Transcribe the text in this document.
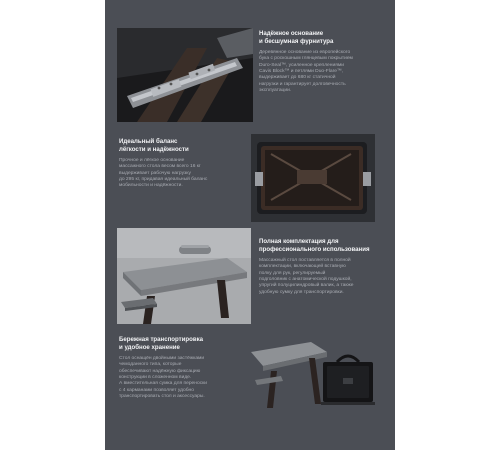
Надёжное основание
и бесшумная фурнитура

Деревянное основание из европейского
бука с роскошным глянцевым покрытием
Duro-Seal™, усиленное креплениями
Cavis Block™ и петлями Duo-Flare™,
выдерживает до 680 кг статичной
нагрузки и гарантирует долговечность
эксплуатации.

Идеальный баланс
лёгкости и надёжности

Прочное и лёгкое основание
массажного стола весом всего 16 кг
выдерживает рабочую нагрузку
до 295 кг, придавая идеальный баланс
мобильности и надёжности.

Полная комплектация для
профессионального использования

Массажный стол поставляется в полной
комплектации, включающей вставную
полку для рук, регулируемый
подголовник с анатомической подушкой,
упругий полуцилиндровый валик, а также
удобную сумку для транспортировки.

Бережная транспортировка
и удобное хранение

Стол оснащён двойными застёжками
чемоданного типа, которые
обеспечивают надёжную фиксацию
конструкции в сложенном виде.
А вместительная сумка для переноски
с 4 карманами позволяет удобно
транспортировать стол и аксессуары.
